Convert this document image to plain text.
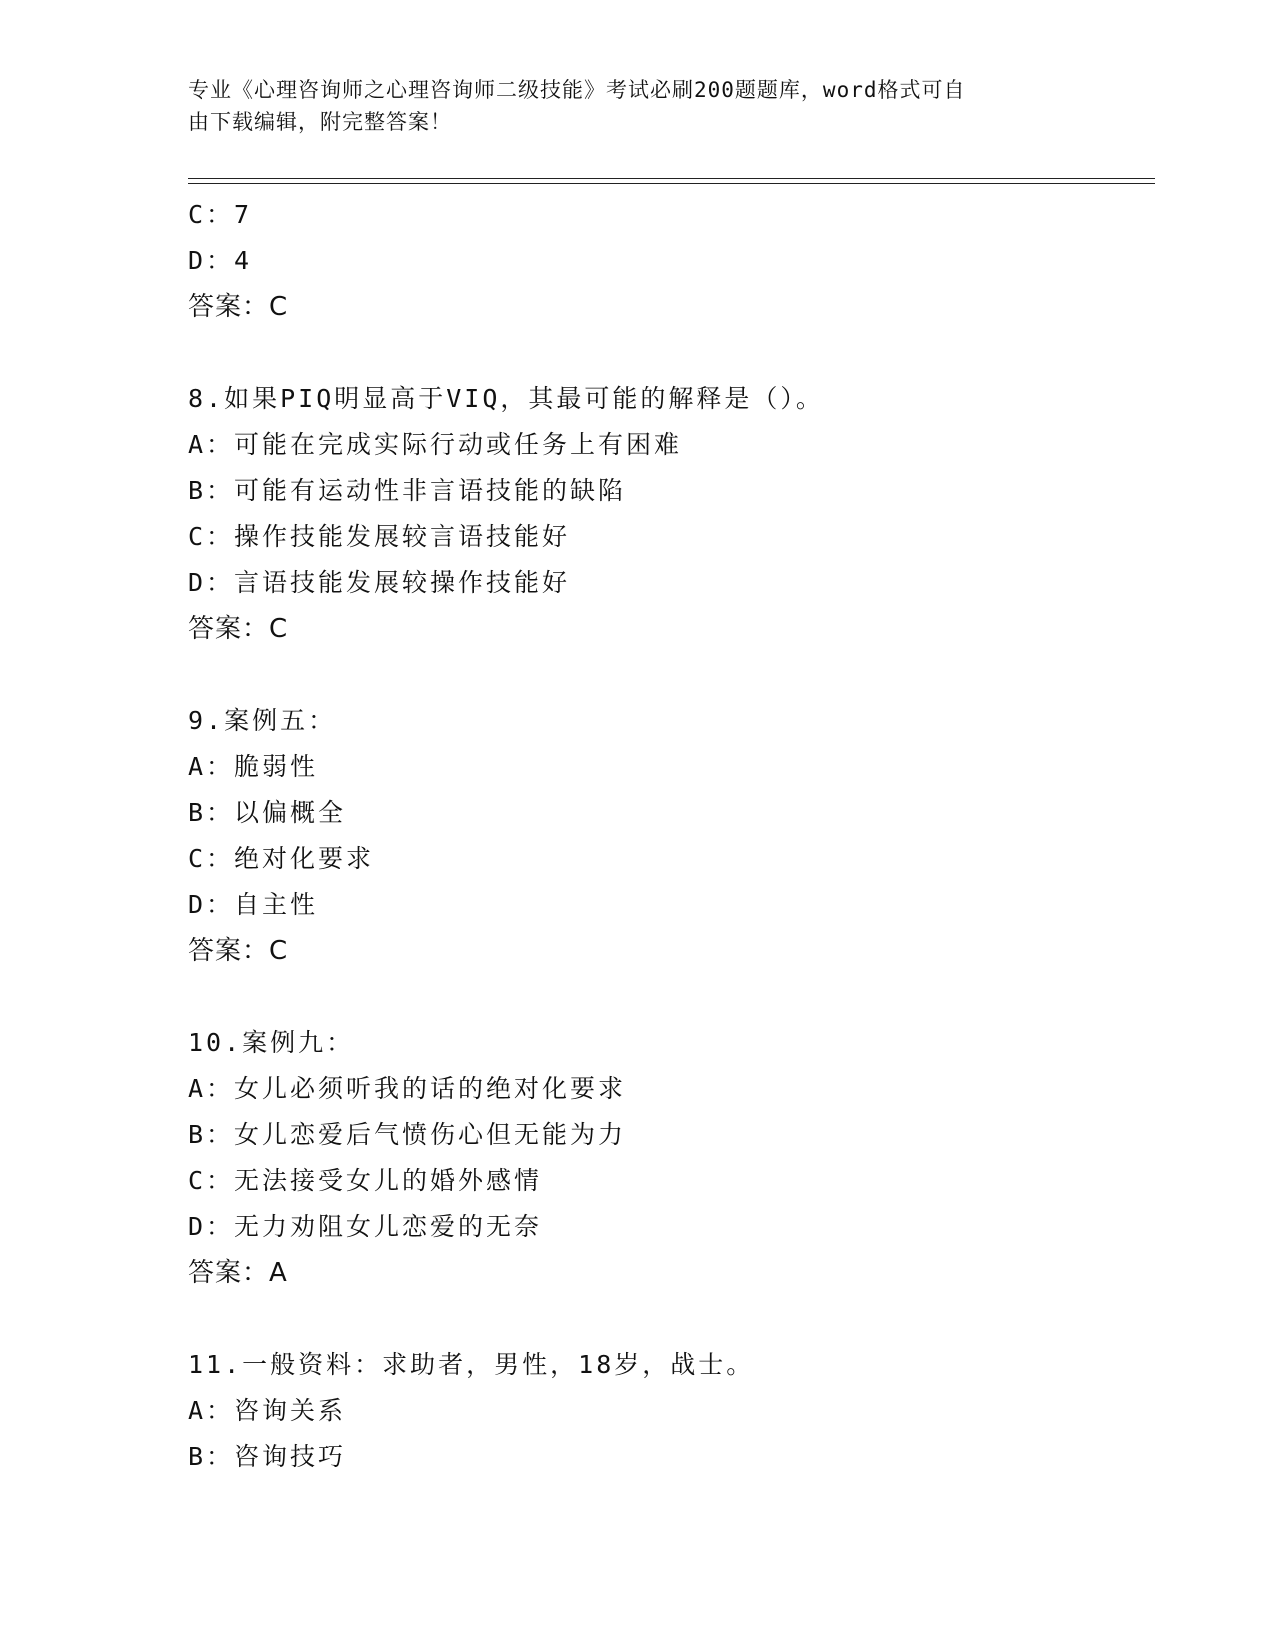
专业《心理咨询师之心理咨询师二级技能》考试必刷200题题库，word格式可自
由下载编辑，附完整答案！
C：7
D：4
答案：C
8.如果PIQ明显高于VIQ，其最可能的解释是（）。
A：可能在完成实际行动或任务上有困难
B：可能有运动性非言语技能的缺陷
C：操作技能发展较言语技能好
D：言语技能发展较操作技能好
答案：C
9.案例五：
A：脆弱性
B：以偏概全
C：绝对化要求
D：自主性
答案：C
10.案例九：
A：女儿必须听我的话的绝对化要求
B：女儿恋爱后气愤伤心但无能为力
C：无法接受女儿的婚外感情
D：无力劝阻女儿恋爱的无奈
答案：A
11.一般资料：求助者，男性，18岁，战士。
A：咨询关系
B：咨询技巧
